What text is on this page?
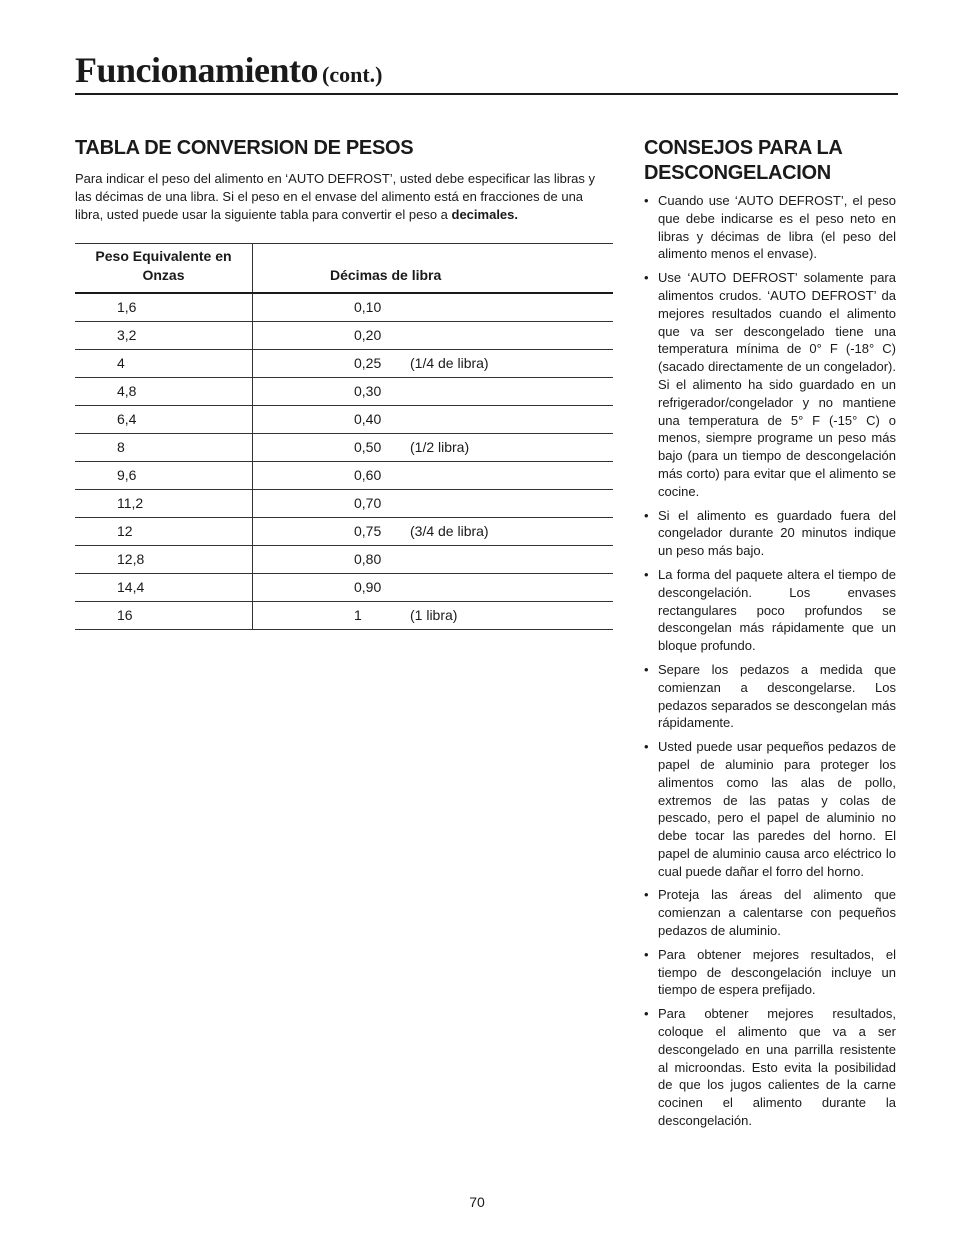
Funcionamiento (cont.)
TABLA DE CONVERSION DE PESOS

Para indicar el peso del alimento en ‘AUTO DEFROST’, usted debe especificar las libras y las décimas de una libra. Si el peso en el envase del alimento está en fracciones de una libra, usted puede usar la siguiente tabla para convertir el peso a decimales.

Peso Equivalente en Onzas	Décimas de libra
1,6	0,10
3,2	0,20
4	0,25 (1/4 de libra)
4,8	0,30
6,4	0,40
8	0,50 (1/2 libra)
9,6	0,60
11,2	0,70
12	0,75 (3/4 de libra)
12,8	0,80
14,4	0,90
16	1 (1 libra)
CONSEJOS PARA LA
DESCONGELACION
• Cuando use ‘AUTO DEFROST’, el peso que debe indicarse es el peso neto en libras y décimas de libra (el peso del alimento menos el envase).
• Use ‘AUTO DEFROST’ solamente para alimentos crudos. ‘AUTO DEFROST’ da mejores resultados cuando el alimento que va ser descongelado tiene una temperatura mínima de 0° F (-18° C) (sacado directamente de un congelador). Si el alimento ha sido guardado en un refrigerador/congelador y no mantiene una temperatura de 5° F (-15° C) o menos, siempre programe un peso más bajo (para un tiempo de descongelación más corto) para evitar que el alimento se cocine.
• Si el alimento es guardado fuera del congelador durante 20 minutos indique un peso más bajo.
• La forma del paquete altera el tiempo de descongelación. Los envases rectangulares poco profundos se descongelan más rápidamente que un bloque profundo.
• Separe los pedazos a medida que comienzan a descongelarse. Los pedazos separados se descongelan más rápidamente.
• Usted puede usar pequeños pedazos de papel de aluminio para proteger los alimentos como las alas de pollo, extremos de las patas y colas de pescado, pero el papel de aluminio no debe tocar las paredes del horno. El papel de aluminio causa arco eléctrico lo cual puede dañar el forro del horno.
• Proteja las áreas del alimento que comienzan a calentarse con pequeños pedazos de aluminio.
• Para obtener mejores resultados, el tiempo de descongelación incluye un tiempo de espera prefijado.
• Para obtener mejores resultados, coloque el alimento que va a ser descongelado en una parrilla resistente al microondas. Esto evita la posibilidad de que los jugos calientes de la carne cocinen el alimento durante la descongelación.
70
